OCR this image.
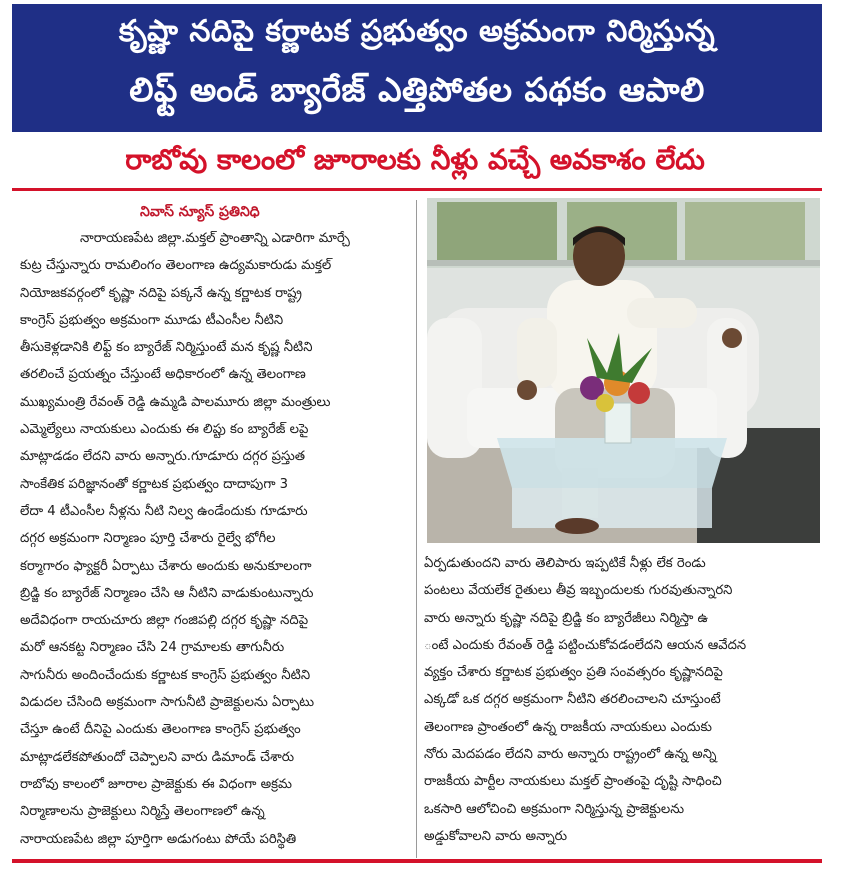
కృష్ణా నదిపై కర్ణాటక ప్రభుత్వం అక్రమంగా నిర్మిస్తున్న
లిఫ్ట్ అండ్ బ్యారేజ్ ఎత్తిపోతల పథకం ఆపాలి
రాబోవు కాలంలో జూరాలకు నీళ్లు వచ్చే అవకాశం లేదు
నివాస్ న్యూస్ ప్రతినిధి
నారాయణపేట జిల్లా.మక్తల్ ప్రాంతాన్ని ఎడారిగా మార్చే
కుట్ర చేస్తున్నారు రామలింగం తెలంగాణ ఉద్యమకారుడు మక్తల్
నియోజకవర్గంలో కృష్ణా నదిపై పక్కనే ఉన్న కర్ణాటక రాష్ట్ర
కాంగ్రెస్ ప్రభుత్వం అక్రమంగా మూడు టీఎంసీల నీటిని
తీసుకెళ్లడానికి లిఫ్ట్ కం బ్యారేజ్ నిర్మిస్తుంటే మన కృష్ణ నీటిని
తరలించే ప్రయత్నం చేస్తుంటే అధికారంలో ఉన్న తెలంగాణ
ముఖ్యమంత్రి రేవంత్ రెడ్డి ఉమ్మడి పాలమూరు జిల్లా మంత్రులు
ఎమ్మెల్యేలు నాయకులు ఎందుకు ఈ లిప్టు కం బ్యారేజ్ లపై
మాట్లాడడం లేదని వారు అన్నారు.గూడూరు దగ్గర ప్రస్తుత
సాంకేతిక పరిజ్ఞానంతో కర్ణాటక ప్రభుత్వం దాదాపుగా 3
లేదా 4 టీఎంసీల నీళ్లను నీటి నిల్వ ఉండేందుకు గూడూరు
దగ్గర అక్రమంగా నిర్మాణం పూర్తి చేశారు రైల్వే భోగీల
కర్మాగారం ఫ్యాక్టరీ ఏర్పాటు చేశారు అందుకు అనుకూలంగా
బ్రిడ్జి కం బ్యారేజ్ నిర్మాణం చేసి ఆ నీటిని వాడుకుంటున్నారు
అదేవిధంగా రాయచూరు జిల్లా గంజిపల్లి దగ్గర కృష్ణా నదిపై
మరో ఆనకట్ట నిర్మాణం చేసి 24 గ్రామాలకు తాగునీరు
సాగునీరు అందించేందుకు కర్ణాటక కాంగ్రెస్ ప్రభుత్వం నీటిని
విడుదల చేసింది అక్రమంగా సాగునీటి ప్రాజెక్టులను ఏర్పాటు
చేస్తూ ఉంటే దీనిపై ఎందుకు తెలంగాణ కాంగ్రెస్ ప్రభుత్వం
మాట్లాడలేకపోతుందో చెప్పాలని వారు డిమాండ్ చేశారు
రాబోవు కాలంలో జూరాల ప్రాజెక్టుకు ఈ విధంగా అక్రమ
నిర్మాణాలను ప్రాజెక్టులు నిర్మిస్తే తెలంగాణలో ఉన్న
నారాయణపేట జిల్లా పూర్తిగా అడుగంటు పోయే పరిస్థితి
ఏర్పడుతుందని వారు తెలిపారు ఇప్పటికే నీళ్లు లేక రెండు
పంటలు వేయలేక రైతులు తీవ్ర ఇబ్బందులకు గురవుతున్నారని
వారు అన్నారు కృష్ణా నదిపై బ్రిడ్జి కం బ్యారేజీలు నిర్మిస్తా ఉ
ంటే ఎందుకు రేవంత్ రెడ్డి పట్టించుకోవడంలేదని ఆయన ఆవేదన
వ్యక్తం చేశారు కర్ణాటక ప్రభుత్వం ప్రతి సంవత్సరం కృష్ణానదిపై
ఎక్కడో ఒక దగ్గర అక్రమంగా నీటిని తరలించాలని చూస్తుంటే
తెలంగాణ ప్రాంతంలో ఉన్న రాజకీయ నాయకులు ఎందుకు
నోరు మెదపడం లేదని వారు అన్నారు రాష్ట్రంలో ఉన్న అన్ని
రాజకీయ పార్టీల నాయకులు మక్తల్ ప్రాంతంపై దృష్టి సాధించి
ఒకసారి ఆలోచించి అక్రమంగా నిర్మిస్తున్న ప్రాజెక్టులను
అడ్డుకోవాలని వారు అన్నారు
